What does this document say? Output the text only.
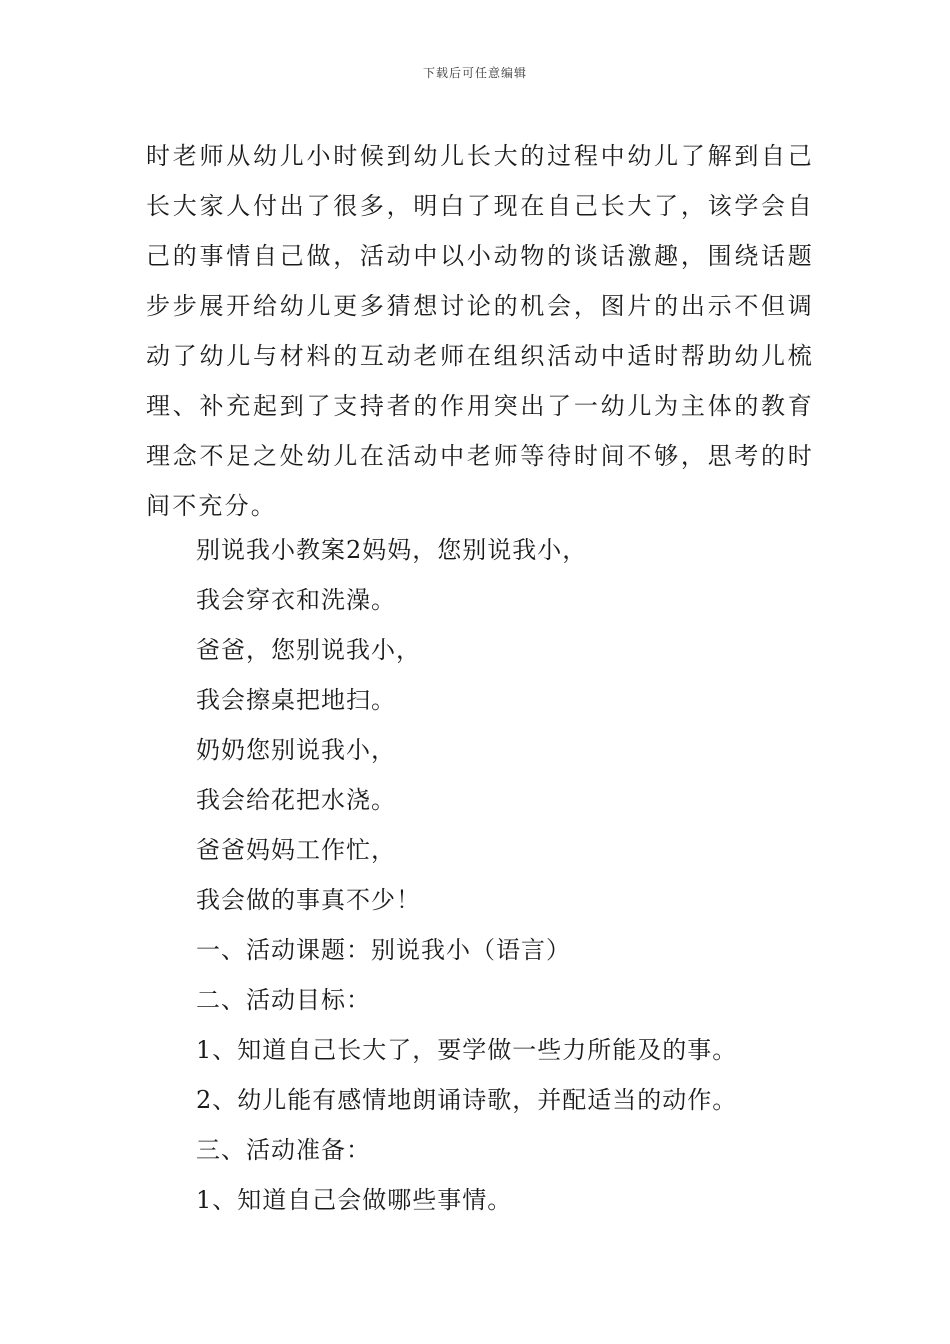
下载后可任意编辑

时老师从幼儿小时候到幼儿长大的过程中幼儿了解到自己长大家人付出了很多，明白了现在自己长大了，该学会自己的事情自己做，活动中以小动物的谈话激趣，围绕话题步步展开给幼儿更多猜想讨论的机会，图片的出示不但调动了幼儿与材料的互动老师在组织活动中适时帮助幼儿梳理、补充起到了支持者的作用突出了一幼儿为主体的教育理念不足之处幼儿在活动中老师等待时间不够，思考的时间不充分。

别说我小教案2妈妈，您别说我小，
我会穿衣和洗澡。
爸爸，您别说我小，
我会擦桌把地扫。
奶奶您别说我小，
我会给花把水浇。
爸爸妈妈工作忙，
我会做的事真不少！
一、活动课题：别说我小（语言）
二、活动目标：
1、知道自己长大了，要学做一些力所能及的事。
2、幼儿能有感情地朗诵诗歌，并配适当的动作。
三、活动准备：
1、知道自己会做哪些事情。
